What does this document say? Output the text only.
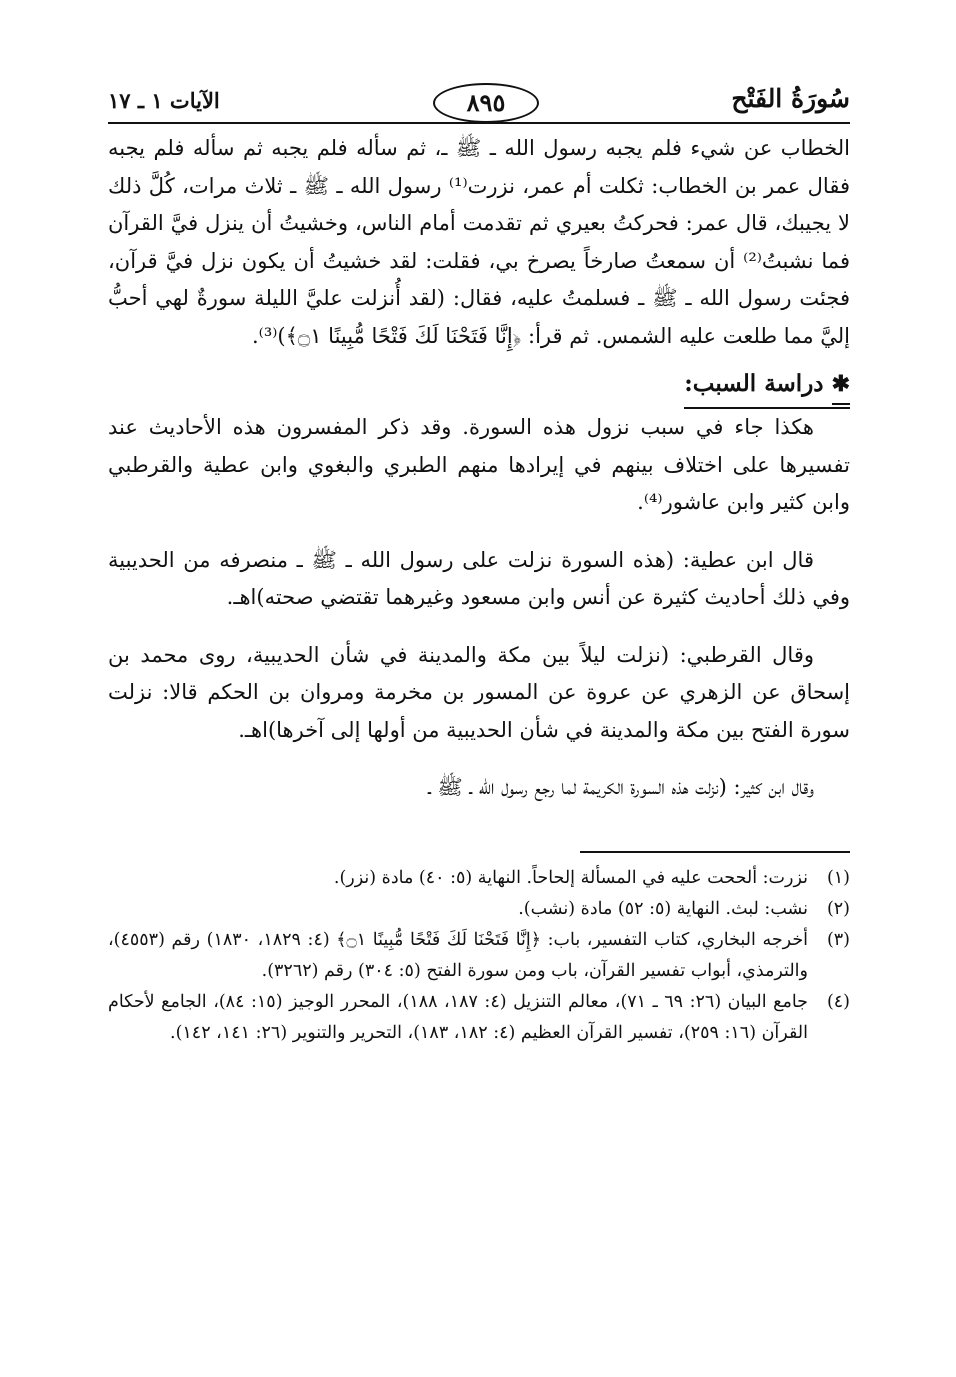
سُورَةُ الفَتْح
٨٩٥
الآيات ١ ـ ١٧

الخطاب عن شيء فلم يجبه رسول الله ـ ﷺ ـ، ثم سأله فلم يجبه ثم سأله فلم يجبه فقال عمر بن الخطاب: ثكلت أم عمر، نزرت⁽¹⁾ رسول الله ـ ﷺ ـ ثلاث مرات، كُلَّ ذلك لا يجيبك، قال عمر: فحركتُ بعيري ثم تقدمت أمام الناس، وخشيتُ أن ينزل فيَّ القرآن فما نشبتُ⁽²⁾ أن سمعتُ صارخاً يصرخ بي، فقلت: لقد خشيتُ أن يكون نزل فيَّ قرآن، فجئت رسول الله ـ ﷺ ـ فسلمتُ عليه، فقال: (لقد أُنزلت عليَّ الليلة سورةٌ لهي أحبُّ إليَّ مما طلعت عليه الشمس. ثم قرأ: ﴿إِنَّا فَتَحْنَا لَكَ فَتْحًا مُّبِينًا ۝١﴾)⁽³⁾.

✱ دراسة السبب:

هكذا جاء في سبب نزول هذه السورة. وقد ذكر المفسرون هذه الأحاديث عند تفسيرها على اختلاف بينهم في إيرادها منهم الطبري والبغوي وابن عطية والقرطبي وابن كثير وابن عاشور⁽⁴⁾.

قال ابن عطية: (هذه السورة نزلت على رسول الله ـ ﷺ ـ منصرفه من الحديبية وفي ذلك أحاديث كثيرة عن أنس وابن مسعود وغيرهما تقتضي صحته)اهـ.

وقال القرطبي: (نزلت ليلاً بين مكة والمدينة في شأن الحديبية، روى محمد بن إسحاق عن الزهري عن عروة عن المسور بن مخرمة ومروان بن الحكم قالا: نزلت سورة الفتح بين مكة والمدينة في شأن الحديبية من أولها إلى آخرها)اهـ.

وقال ابن كثير: (نزلت هذه السورة الكريمة لما رجع رسول الله ـ ﷺ ـ

(١)
نزرت: ألححت عليه في المسألة إلحاحاً. النهاية (٥: ٤٠) مادة (نزر).
(٢)
نشب: لبث. النهاية (٥: ٥٢) مادة (نشب).
(٣)
أخرجه البخاري، كتاب التفسير، باب: ﴿إِنَّا فَتَحْنَا لَكَ فَتْحًا مُّبِينًا ۝١﴾ (٤: ١٨٢٩، ١٨٣٠) رقم (٤٥٥٣)، والترمذي، أبواب تفسير القرآن، باب ومن سورة الفتح (٥: ٣٠٤) رقم (٣٢٦٢).
(٤)
جامع البيان (٢٦: ٦٩ ـ ٧١)، معالم التنزيل (٤: ١٨٧، ١٨٨)، المحرر الوجيز (١٥: ٨٤)، الجامع لأحكام القرآن (١٦: ٢٥٩)، تفسير القرآن العظيم (٤: ١٨٢، ١٨٣)، التحرير والتنوير (٢٦: ١٤١، ١٤٢).
